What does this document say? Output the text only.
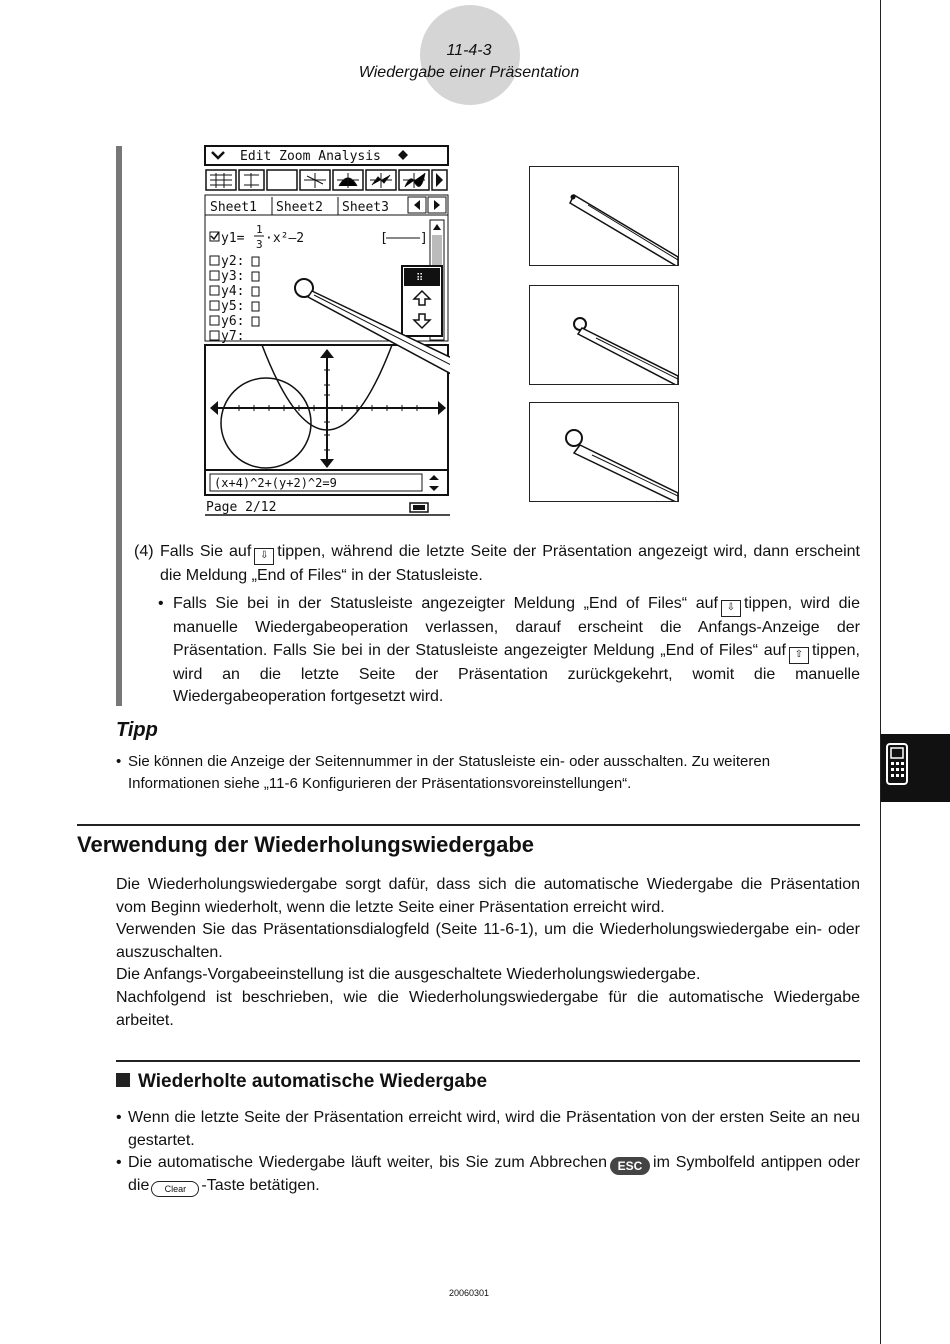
11-4-3
Wiedergabe einer Präsentation
Edit Zoom Analysis
Sheet1 Sheet2 Sheet3
y1=
1
3 ·x²–2	[ ]
y2:
y3:
y4:
y5:
y6:
y7:
⠿
(x+4)^2+(y+2)^2=9
Page 2/12
(4) Falls Sie auf ⇩ tippen, während die letzte Seite der Präsentation angezeigt wird, dann erscheint die Meldung „End of Files“ in der Statusleiste.
• Falls Sie bei in der Statusleiste angezeigter Meldung „End of Files“ auf ⇩ tippen, wird die manuelle Wiedergabeoperation verlassen, darauf erscheint die Anfangs-Anzeige der Präsentation. Falls Sie bei in der Statusleiste angezeigter Meldung „End of Files“ auf ⇧ tippen, wird an die letzte Seite der Präsentation zurückgekehrt, womit die manuelle Wiedergabeoperation fortgesetzt wird.
Tipp
• Sie können die Anzeige der Seitennummer in der Statusleiste ein- oder ausschalten. Zu weiteren Informationen siehe „11-6 Konfigurieren der Präsentationsvoreinstellungen“.
Verwendung der Wiederholungswiedergabe
Die Wiederholungswiedergabe sorgt dafür, dass sich die automatische Wiedergabe die Präsentation vom Beginn wiederholt, wenn die letzte Seite einer Präsentation erreicht wird.
Verwenden Sie das Präsentationsdialogfeld (Seite 11-6-1), um die Wiederholungswiedergabe ein- oder auszuschalten.
Die Anfangs-Vorgabeeinstellung ist die ausgeschaltete Wiederholungswiedergabe.
Nachfolgend ist beschrieben, wie die Wiederholungswiedergabe für die automatische Wiedergabe arbeitet.
Wiederholte automatische Wiedergabe
• Wenn die letzte Seite der Präsentation erreicht wird, wird die Präsentation von der ersten Seite an neu gestartet.
• Die automatische Wiedergabe läuft weiter, bis Sie zum Abbrechen ESC im Symbolfeld antippen oder die Clear -Taste betätigen.
20060301
